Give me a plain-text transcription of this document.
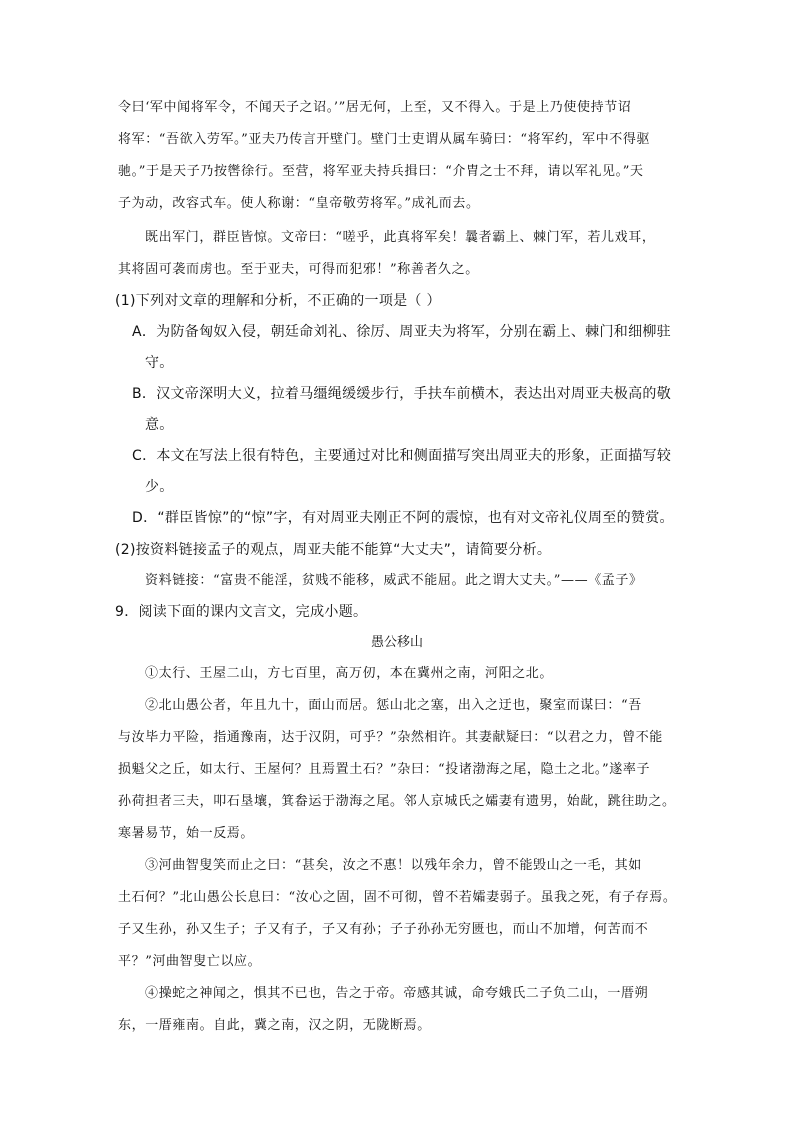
令曰‘军中闻将军令，不闻天子之诏。’”居无何，上至，又不得入。于是上乃使使持节诏
将军：“吾欲入劳军。”亚夫乃传言开壁门。壁门士吏谓从属车骑曰：“将军约，军中不得驱
驰。”于是天子乃按辔徐行。至营，将军亚夫持兵揖曰：“介胄之士不拜，请以军礼见。”天
子为动，改容式车。使人称谢：“皇帝敬劳将军。”成礼而去。
既出军门，群臣皆惊。文帝曰：“嗟乎，此真将军矣！曩者霸上、棘门军，若儿戏耳，
其将固可袭而虏也。至于亚夫，可得而犯邪！”称善者久之。
(1)下列对文章的理解和分析，不正确的一项是（ ）
A．为防备匈奴入侵，朝廷命刘礼、徐厉、周亚夫为将军，分别在霸上、棘门和细柳驻
守。
B．汉文帝深明大义，拉着马缰绳缓缓步行，手扶车前横木，表达出对周亚夫极高的敬
意。
C．本文在写法上很有特色，主要通过对比和侧面描写突出周亚夫的形象，正面描写较
少。
D．“群臣皆惊”的“惊”字，有对周亚夫刚正不阿的震惊，也有对文帝礼仪周至的赞赏。
(2)按资料链接孟子的观点，周亚夫能不能算“大丈夫”，请简要分析。
资料链接：“富贵不能淫，贫贱不能移，威武不能屈。此之谓大丈夫。”——《孟子》
9．阅读下面的课内文言文，完成小题。
愚公移山
①太行、王屋二山，方七百里，高万仞，本在冀州之南，河阳之北。
②北山愚公者，年且九十，面山而居。惩山北之塞，出入之迂也，聚室而谋曰：“吾
与汝毕力平险，指通豫南，达于汉阴，可乎？”杂然相许。其妻献疑曰：“以君之力，曾不能
损魁父之丘，如太行、王屋何？且焉置土石？”杂曰：“投诸渤海之尾，隐土之北。”遂率子
孙荷担者三夫，叩石垦壤，箕畚运于渤海之尾。邻人京城氏之孀妻有遗男，始龀，跳往助之。
寒暑易节，始一反焉。
③河曲智叟笑而止之曰：“甚矣，汝之不惠！以残年余力，曾不能毁山之一毛，其如
土石何？”北山愚公长息曰：“汝心之固，固不可彻，曾不若孀妻弱子。虽我之死，有子存焉。
子又生孙，孙又生子；子又有子，子又有孙；子子孙孙无穷匮也，而山不加增，何苦而不
平？”河曲智叟亡以应。
④操蛇之神闻之，惧其不已也，告之于帝。帝感其诚，命夸娥氏二子负二山，一厝朔
东，一厝雍南。自此，冀之南，汉之阴，无陇断焉。
